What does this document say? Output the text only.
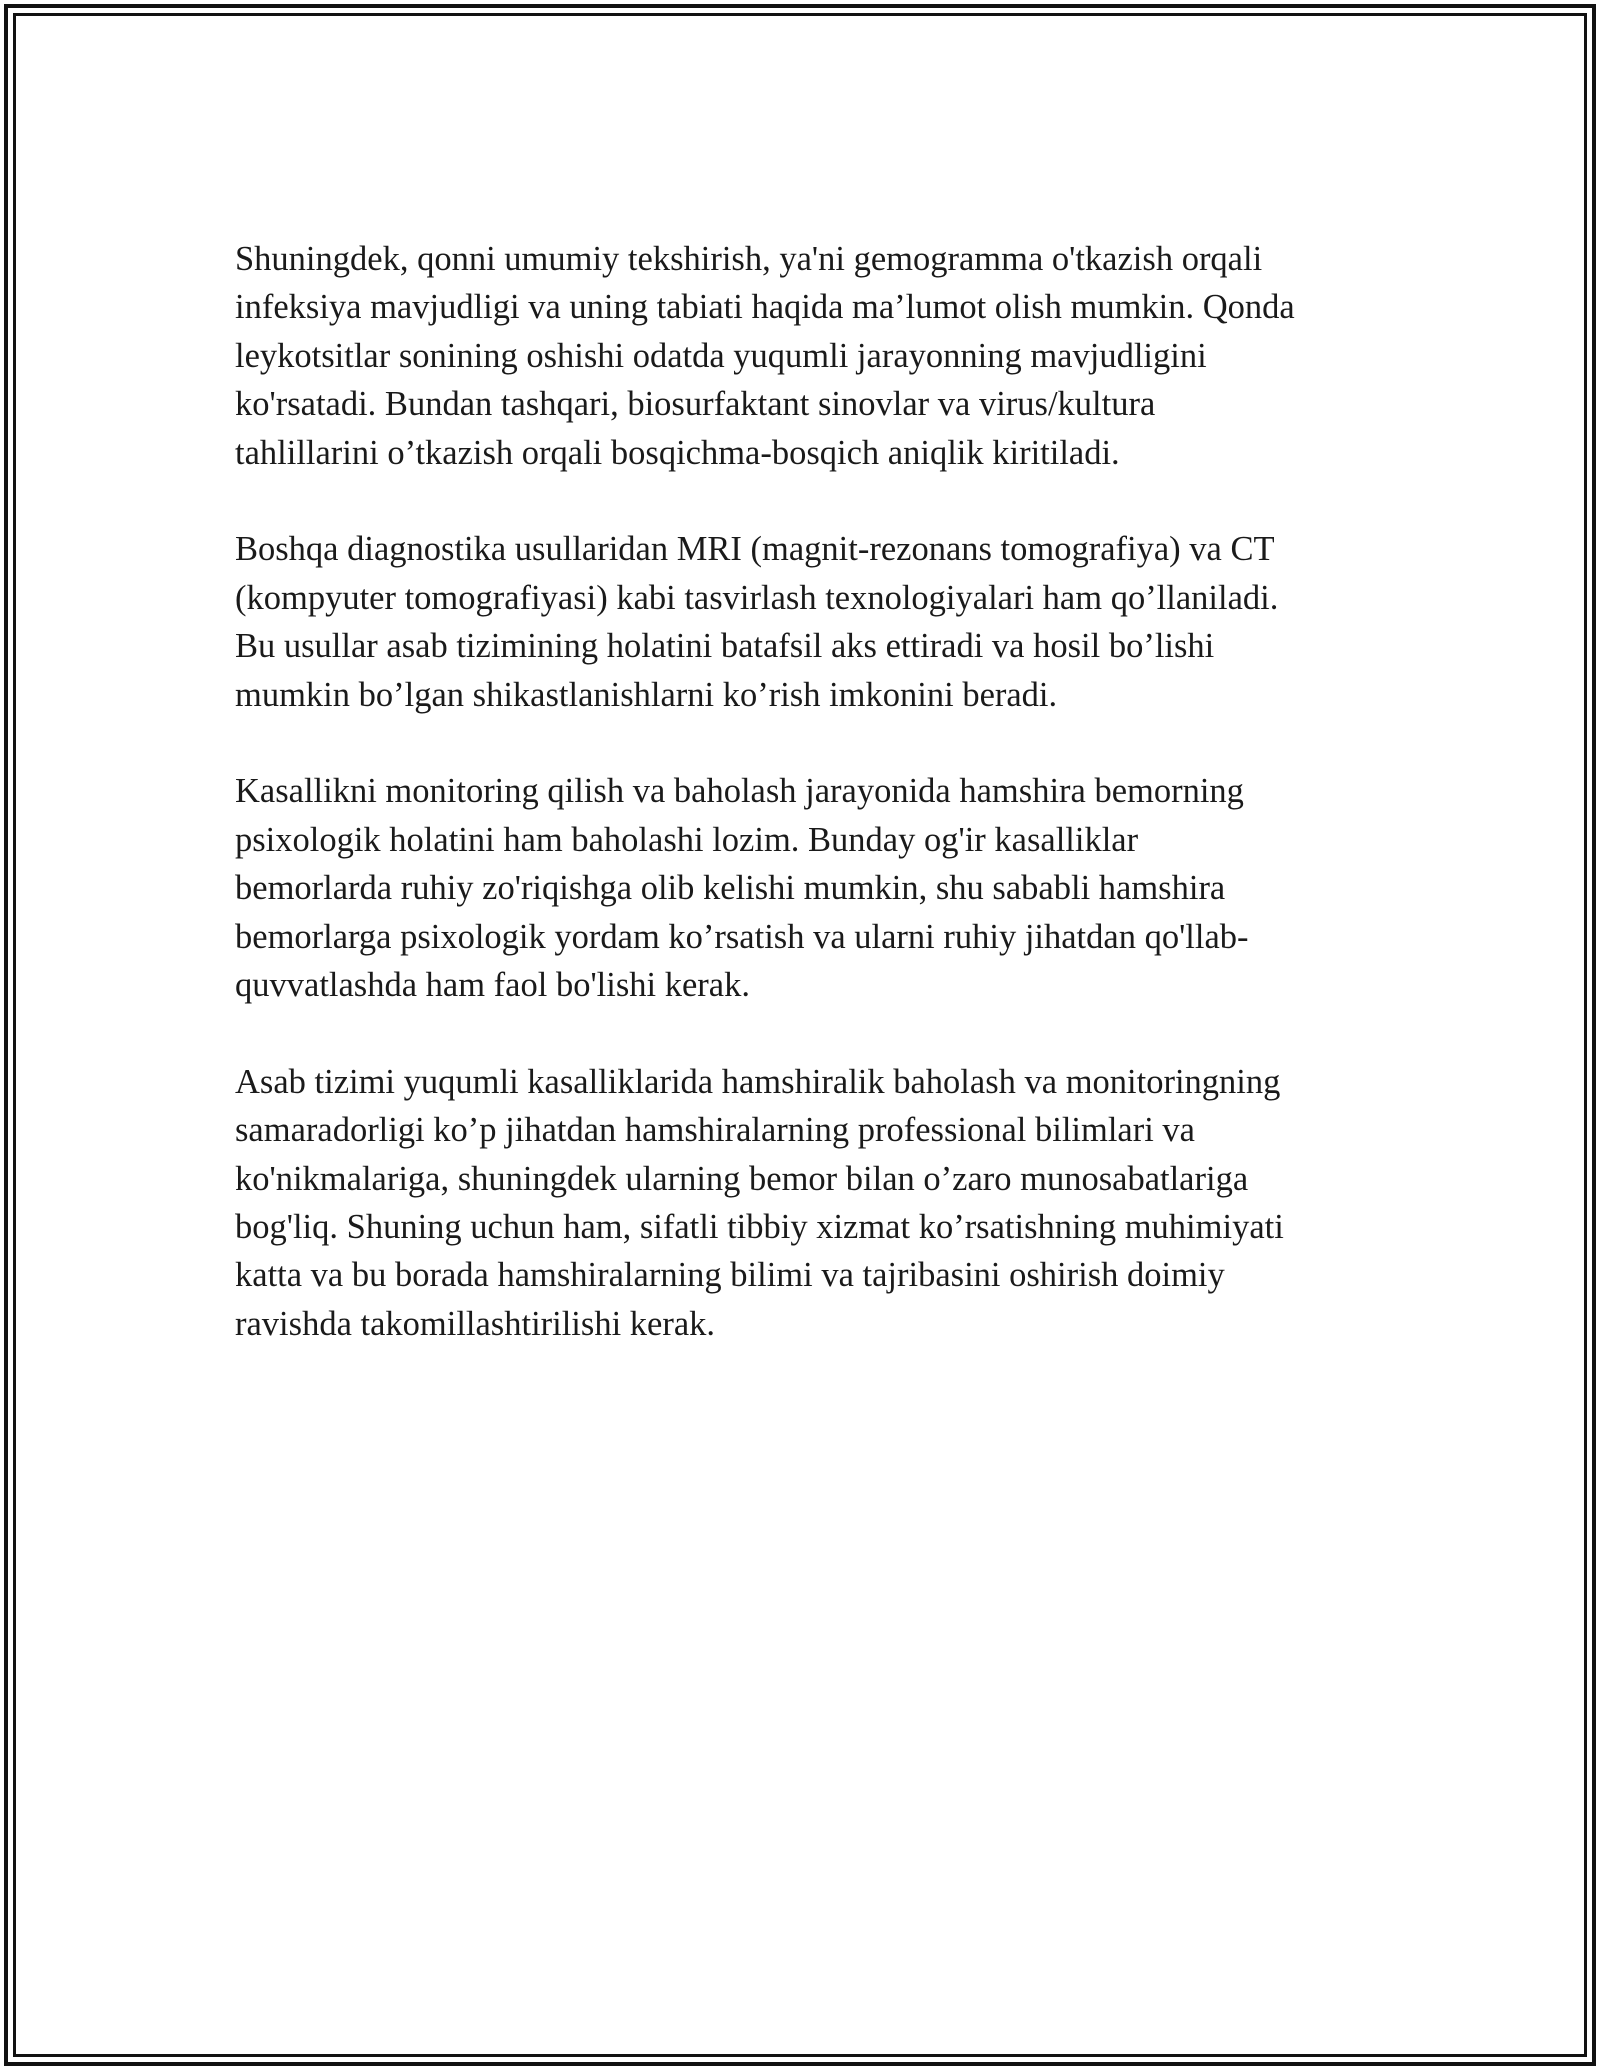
Shuningdek, qonni umumiy tekshirish, ya'ni gemogramma o'tkazish orqali
infeksiya mavjudligi va uning tabiati haqida ma’lumot olish mumkin. Qonda
leykotsitlar sonining oshishi odatda yuqumli jarayonning mavjudligini
ko'rsatadi. Bundan tashqari, biosurfaktant sinovlar va virus/kultura
tahlillarini o’tkazish orqali bosqichma-bosqich aniqlik kiritiladi.

Boshqa diagnostika usullaridan MRI (magnit-rezonans tomografiya) va CT
(kompyuter tomografiyasi) kabi tasvirlash texnologiyalari ham qo’llaniladi.
Bu usullar asab tizimining holatini batafsil aks ettiradi va hosil bo’lishi
mumkin bo’lgan shikastlanishlarni ko’rish imkonini beradi.

Kasallikni monitoring qilish va baholash jarayonida hamshira bemorning
psixologik holatini ham baholashi lozim. Bunday og'ir kasalliklar
bemorlarda ruhiy zo'riqishga olib kelishi mumkin, shu sababli hamshira
bemorlarga psixologik yordam ko’rsatish va ularni ruhiy jihatdan qo'llab-
quvvatlashda ham faol bo'lishi kerak.

Asab tizimi yuqumli kasalliklarida hamshiralik baholash va monitoringning
samaradorligi ko’p jihatdan hamshiralarning professional bilimlari va
ko'nikmalariga, shuningdek ularning bemor bilan o’zaro munosabatlariga
bog'liq. Shuning uchun ham, sifatli tibbiy xizmat ko’rsatishning muhimiyati
katta va bu borada hamshiralarning bilimi va tajribasini oshirish doimiy
ravishda takomillashtirilishi kerak.
